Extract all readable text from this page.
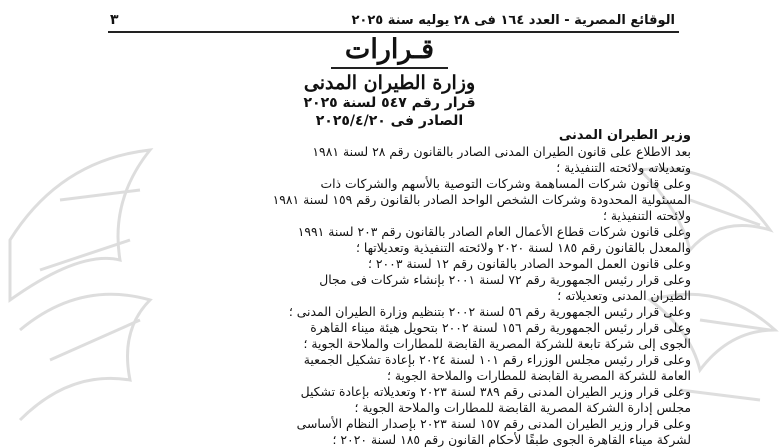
الوقائع المصرية - العدد ١٦٤ فى ٢٨ يوليه سنة ٢٠٢٥
٣
قـرارات
وزارة الطيران المدنى
قرار رقم ٥٤٧ لسنة ٢٠٢٥
الصادر فى ٢٠٢٥/٤/٢٠

وزير الطيران المدنى

بعد الاطلاع على قانون الطيران المدنى الصادر بالقانون رقم ٢٨ لسنة ١٩٨١

وتعديلاته ولائحته التنفيذية ؛

وعلى قانون شركات المساهمة وشركات التوصية بالأسهم والشركات ذات

المسئولية المحدودة وشركات الشخص الواحد الصادر بالقانون رقم ١٥٩ لسنة ١٩٨١

ولائحته التنفيذية ؛

وعلى قانون شركات قطاع الأعمال العام الصادر بالقانون رقم ٢٠٣ لسنة ١٩٩١

والمعدل بالقانون رقم ١٨٥ لسنة ٢٠٢٠ ولائحته التنفيذية وتعديلاتها ؛

وعلى قانون العمل الموحد الصادر بالقانون رقم ١٢ لسنة ٢٠٠٣ ؛

وعلى قرار رئيس الجمهورية رقم ٧٢ لسنة ٢٠٠١ بإنشاء شركات فى مجال

الطيران المدنى وتعديلاته ؛

وعلى قرار رئيس الجمهورية رقم ٥٦ لسنة ٢٠٠٢ بتنظيم وزارة الطيران المدنى ؛

وعلى قرار رئيس الجمهورية رقم ١٥٦ لسنة ٢٠٠٢ بتحويل هيئة ميناء القاهرة

الجوى إلى شركة تابعة للشركة المصرية القابضة للمطارات والملاحة الجوية ؛

وعلى قرار رئيس مجلس الوزراء رقم ١٠١ لسنة ٢٠٢٤ بإعادة تشكيل الجمعية

العامة للشركة المصرية القابضة للمطارات والملاحة الجوية ؛

وعلى قرار وزير الطيران المدنى رقم ٣٨٩ لسنة ٢٠٢٣ وتعديلاته بإعادة تشكيل

مجلس إدارة الشركة المصرية القابضة للمطارات والملاحة الجوية ؛

وعلى قرار وزير الطيران المدنى رقم ١٥٧ لسنة ٢٠٢٣ بإصدار النظام الأساسى

لشركة ميناء القاهرة الجوى طبقًا لأحكام القانون رقم ١٨٥ لسنة ٢٠٢٠ ؛
